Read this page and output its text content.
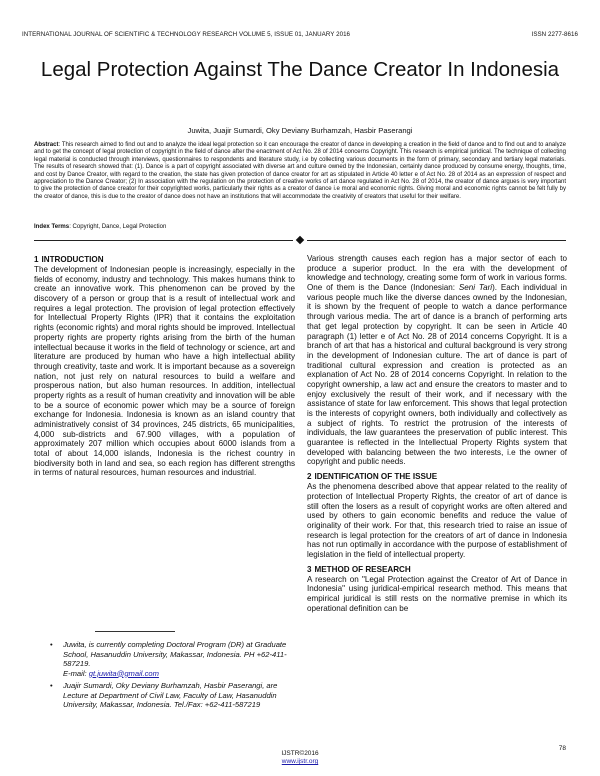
INTERNATIONAL JOURNAL OF SCIENTIFIC & TECHNOLOGY RESEARCH VOLUME 5, ISSUE 01, JANUARY 2016	ISSN 2277-8616
Legal Protection Against The Dance Creator In Indonesia
Juwita, Juajir Sumardi, Oky Deviany Burhamzah, Hasbir Paserangi
Abstract: This research aimed to find out and to analyze the ideal legal protection so it can encourage the creator of dance in developing a creation in the field of dance and to find out and to analyze and to get the concept of legal protection of copyright in the field of dance after the enactment of Act No. 28 of 2014 concerns Copyright. This research is empirical juridical. The technique of collecting legal material is conducted through interviews, questionnaires to respondents and literature study, i.e by collecting various documents in the form of primary, secondary and tertiary legal materials. The results of research showed that: (1). Dance is a part of copyright associated with diverse art and culture owned by the Indonesian, certainly dance produced by consume energy, thoughts, time, and cost by Dance Creator, with regard to the creation, the state has given protection of dance creator for art as stipulated in Article 40 letter e of Act No. 28 of 2014 as an expression of respect and appreciation to the Dance Creator; (2) In association with the regulation on the protection of creative works of art dance regulated in Act No. 28 of 2014, the creator of dance argues is very important to give the protection of dance creator for their copyrighted works, particularly their rights as a creator of dance i.e moral and economic rights. Giving moral and economic rights cannot be felt fully by the creator of dance, this is due to the creator of dance does not have an institutions that will accommodate the creativity of creators that useful for their welfare.
Index Terms: Copyright, Dance, Legal Protection
1 INTRODUCTION

The development of Indonesian people is increasingly, especially in the fields of economy, industry and technology. This makes humans think to create an innovative work. This phenomenon can be proved by the discovery of a person or group that is a result of intellectual work and requires a legal protection. The provision of legal protection effectively for Intellectual Property Rights (IPR) that it contains the exploitation rights (economic rights) and moral rights should be improved. Intellectual property rights are property rights arising from the birth of the human intellectual because it works in the field of technology or science, art and literature are produced by human who have a high intellectual ability through creativity, taste and work. It is important because as a sovereign nation, not just rely on natural resources to build a welfare and prosperous nation, but also human resources. In addition, intellectual property rights as a result of human creativity and innovation will be able to be a source of economic power which may be a source of foreign exchange for Indonesia. Indonesia is known as an island country that administratively consist of 34 provinces, 245 districts, 65 municipalities, 4,000 sub-districts and 67.900 villages, with a population of approximately 207 million which occupies about 6000 islands from a total of about 14,000 islands, Indonesia is the richest country in biodiversity both in land and sea, so each region has different strengths in terms of natural resources, human resources and industrial.

Various strength causes each region has a major sector of each to produce a superior product. In the era with the development of knowledge and technology, creating some form of work in various forms. One of them is the Dance (Indonesian: Seni Tari). Each individual in various people much like the diverse dances owned by the Indonesian, it is shown by the frequent of people to watch a dance performance through various media. The art of dance is a branch of performing arts that get legal protection by copyright. It can be seen in Article 40 paragraph (1) letter e of Act No. 28 of 2014 concerns Copyright. It is a branch of art that has a historical and cultural background is very strong in the development of Indonesian culture. The art of dance is part of traditional cultural expression and creation is protected as an explanation of Act No. 28 of 2014 concerns Copyright. In relation to the copyright ownership, a law act and ensure the creators to master and to enjoy exclusively the result of their work, and if necessary with the assistance of state for law enforcement. This shows that legal protection is the interests of copyright owners, both individually and collectively as a subject of rights. To restrict the protrusion of the interests of individuals, the law guarantees the preservation of public interest. This guarantee is reflected in the Intellectual Property Rights system that developed with balancing between the two interests, i.e the owner of copyright and public needs.

2 IDENTIFICATION OF THE ISSUE

As the phenomena described above that appear related to the reality of protection of Intellectual Property Rights, the creator of art of dance is still often the losers as a result of copyright works are often altered and used by others to gain economic benefits and reduce the value of originality of their work. For that, this research tried to raise an issue of research is legal protection for the creators of art of dance in Indonesia has not run optimally in accordance with the purpose of establishment of legislation in the field of intellectual property.

3 METHOD OF RESEARCH

A research on "Legal Protection against the Creator of Art of Dance in Indonesia" using juridical-empirical research method. This means that empirical juridical is still rests on the normative premise in which its operational definition can be

• Juwita, is currently completing Doctoral Program (DR) at Graduate School, Hasanuddin University, Makassar, Indonesia. PH +62-411-587219.
E-mail: gt.juwita@gmail.com
• Juajir Sumardi, Oky Deviany Burhamzah, Hasbir Paserangi, are Lecture at Department of Civil Law, Faculty of Law, Hasanuddin University, Makassar, Indonesia. Tel./Fax: +62-411-587219
78
IJSTR©2016
www.ijstr.org
